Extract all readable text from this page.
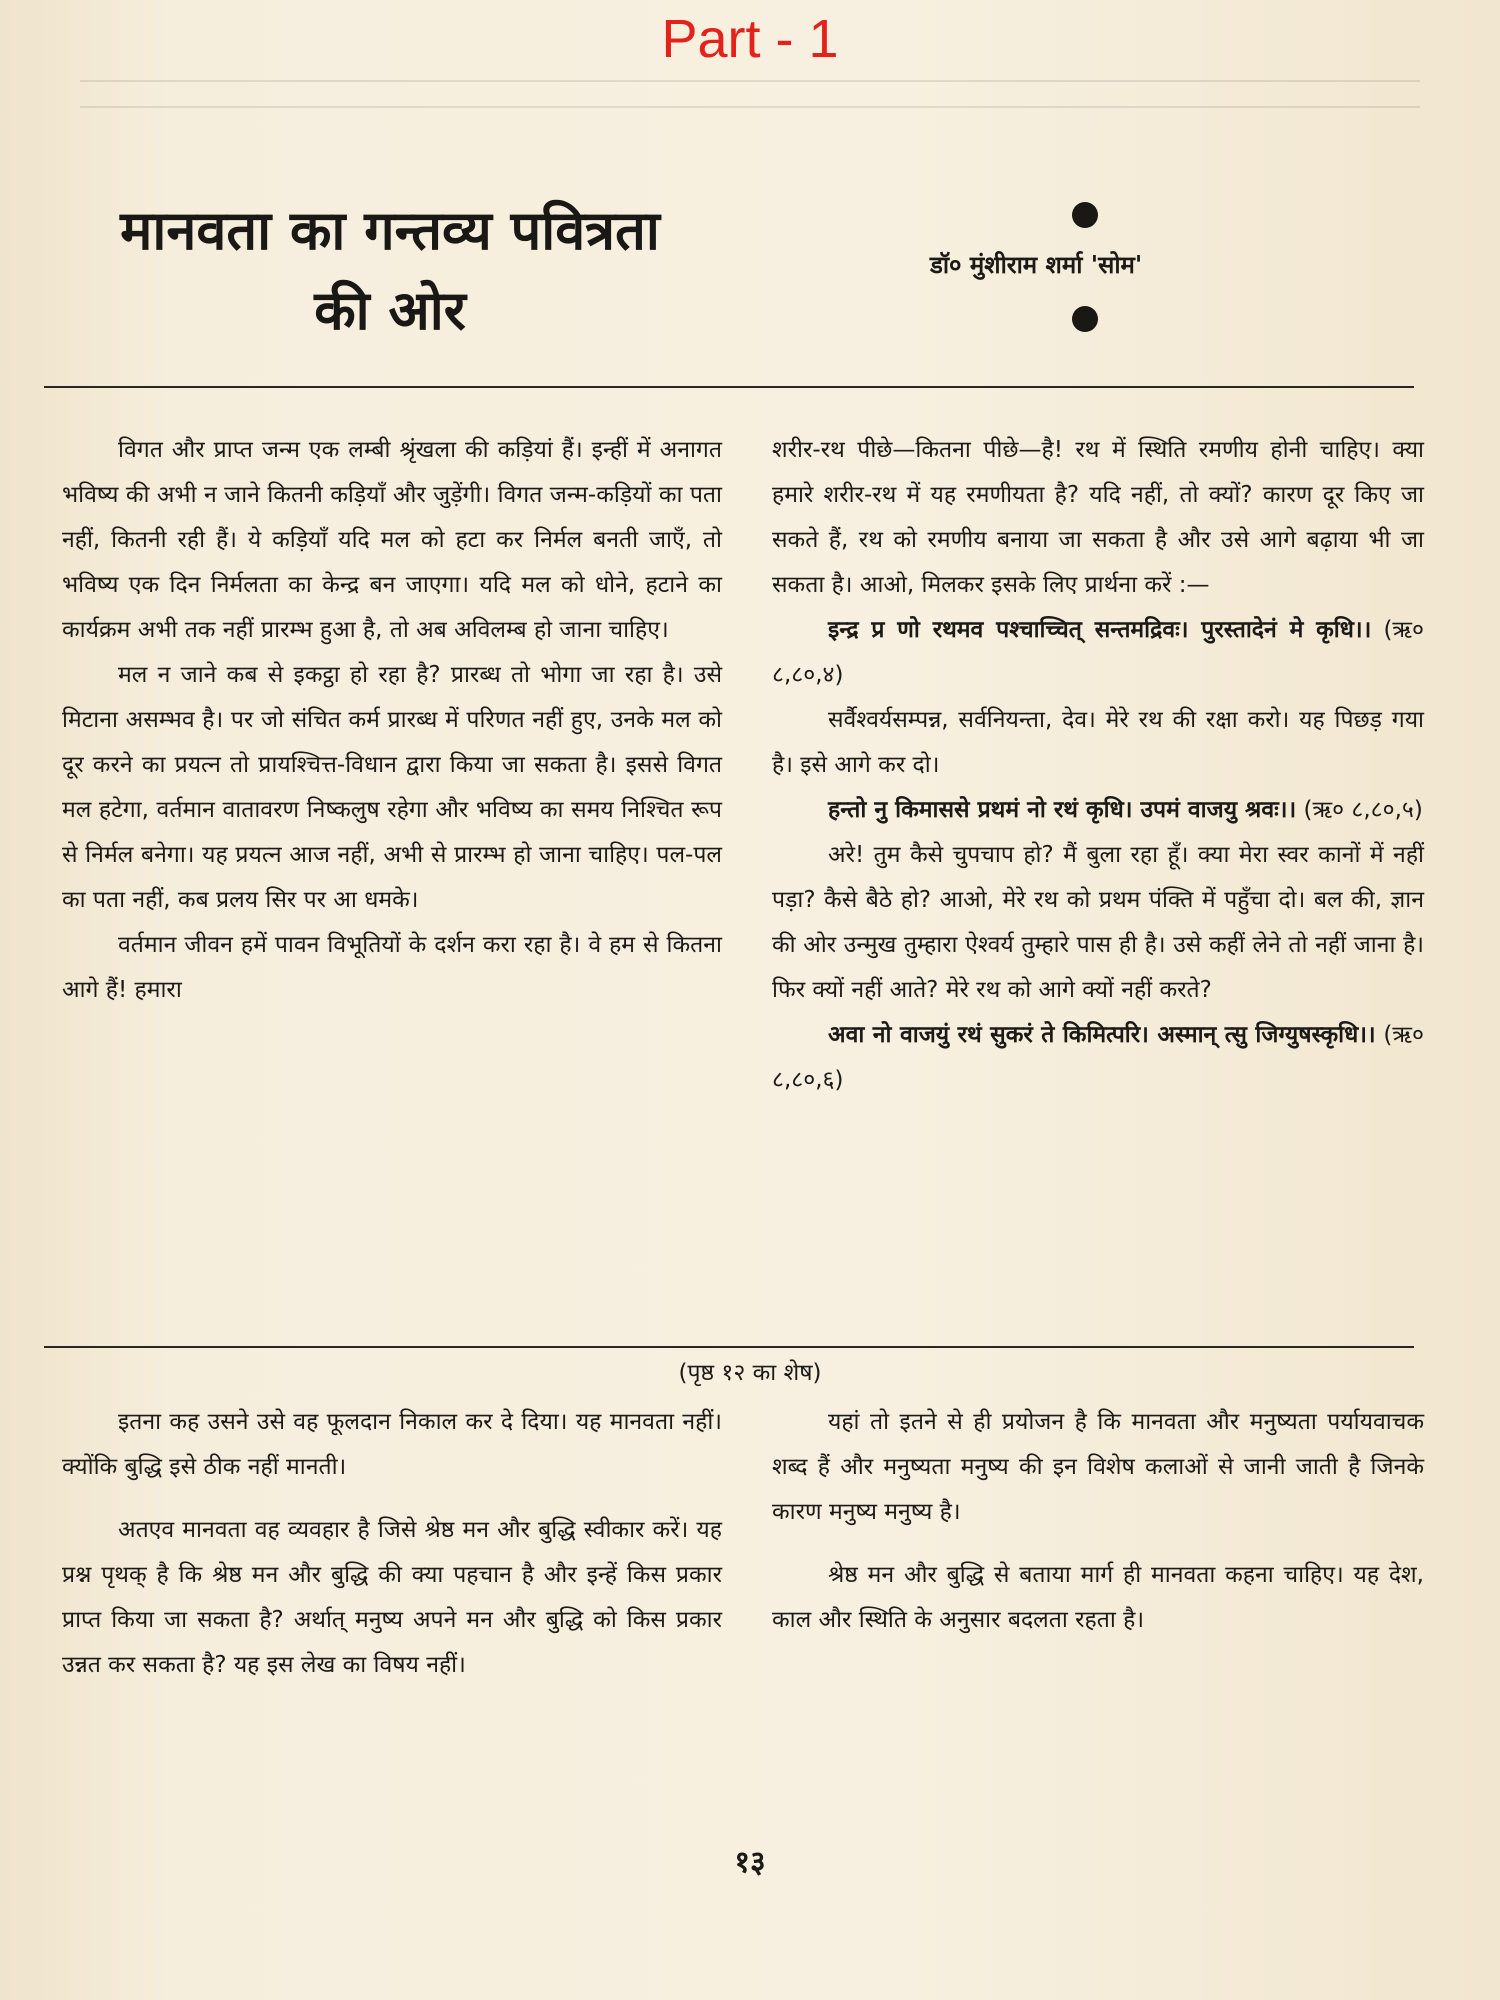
Part - 1
मानवता का गन्तव्य पवित्रता की ओर
डॉ० मुंशीराम शर्मा 'सोम'

विगत और प्राप्त जन्म एक लम्बी श्रृंखला की कड़ियां हैं। इन्हीं में अनागत भविष्य की अभी न जाने कितनी कड़ियाँ और जुड़ेंगी। विगत जन्म-कड़ियों का पता नहीं, कितनी रही हैं। ये कड़ियाँ यदि मल को हटा कर निर्मल बनती जाएँ, तो भविष्य एक दिन निर्मलता का केन्द्र बन जाएगा। यदि मल को धोने, हटाने का कार्यक्रम अभी तक नहीं प्रारम्भ हुआ है, तो अब अविलम्ब हो जाना चाहिए।

मल न जाने कब से इकट्ठा हो रहा है? प्रारब्ध तो भोगा जा रहा है। उसे मिटाना असम्भव है। पर जो संचित कर्म प्रारब्ध में परिणत नहीं हुए, उनके मल को दूर करने का प्रयत्न तो प्रायश्चित्त-विधान द्वारा किया जा सकता है। इससे विगत मल हटेगा, वर्तमान वातावरण निष्कलुष रहेगा और भविष्य का समय निश्चित रूप से निर्मल बनेगा। यह प्रयत्न आज नहीं, अभी से प्रारम्भ हो जाना चाहिए। पल-पल का पता नहीं, कब प्रलय सिर पर आ धमके।

वर्तमान जीवन हमें पावन विभूतियों के दर्शन करा रहा है। वे हम से कितना आगे हैं! हमारा

शरीर-रथ पीछे—कितना पीछे—है! रथ में स्थिति रमणीय होनी चाहिए। क्या हमारे शरीर-रथ में यह रमणीयता है? यदि नहीं, तो क्यों? कारण दूर किए जा सकते हैं, रथ को रमणीय बनाया जा सकता है और उसे आगे बढ़ाया भी जा सकता है। आओ, मिलकर इसके लिए प्रार्थना करें :—

इन्द्र प्र णो रथमव पश्चाच्चित् सन्तमद्रिवः। पुरस्तादेनं मे कृधि।। (ऋ० ८,८०,४)

सर्वैश्वर्यसम्पन्न, सर्वनियन्ता, देव। मेरे रथ की रक्षा करो। यह पिछड़ गया है। इसे आगे कर दो।

हन्तो नु किमाससे प्रथमं नो रथं कृधि। उपमं वाजयु श्रवः।। (ऋ० ८,८०,५)

अरे! तुम कैसे चुपचाप हो? मैं बुला रहा हूँ। क्या मेरा स्वर कानों में नहीं पड़ा? कैसे बैठे हो? आओ, मेरे रथ को प्रथम पंक्ति में पहुँचा दो। बल की, ज्ञान की ओर उन्मुख तुम्हारा ऐश्वर्य तुम्हारे पास ही है। उसे कहीं लेने तो नहीं जाना है। फिर क्यों नहीं आते? मेरे रथ को आगे क्यों नहीं करते?

अवा नो वाजयुं रथं सुकरं ते किमित्परि। अस्मान् त्सु जिग्युषस्कृधि।। (ऋ० ८,८०,६)

(पृष्ठ १२ का शेष)

इतना कह उसने उसे वह फूलदान निकाल कर दे दिया। यह मानवता नहीं। क्योंकि बुद्धि इसे ठीक नहीं मानती।

अतएव मानवता वह व्यवहार है जिसे श्रेष्ठ मन और बुद्धि स्वीकार करें। यह प्रश्न पृथक् है कि श्रेष्ठ मन और बुद्धि की क्या पहचान है और इन्हें किस प्रकार प्राप्त किया जा सकता है? अर्थात् मनुष्य अपने मन और बुद्धि को किस प्रकार उन्नत कर सकता है? यह इस लेख का विषय नहीं।

यहां तो इतने से ही प्रयोजन है कि मानवता और मनुष्यता पर्यायवाचक शब्द हैं और मनुष्यता मनुष्य की इन विशेष कलाओं से जानी जाती है जिनके कारण मनुष्य मनुष्य है।

श्रेष्ठ मन और बुद्धि से बताया मार्ग ही मानवता कहना चाहिए। यह देश, काल और स्थिति के अनुसार बदलता रहता है।

१३
